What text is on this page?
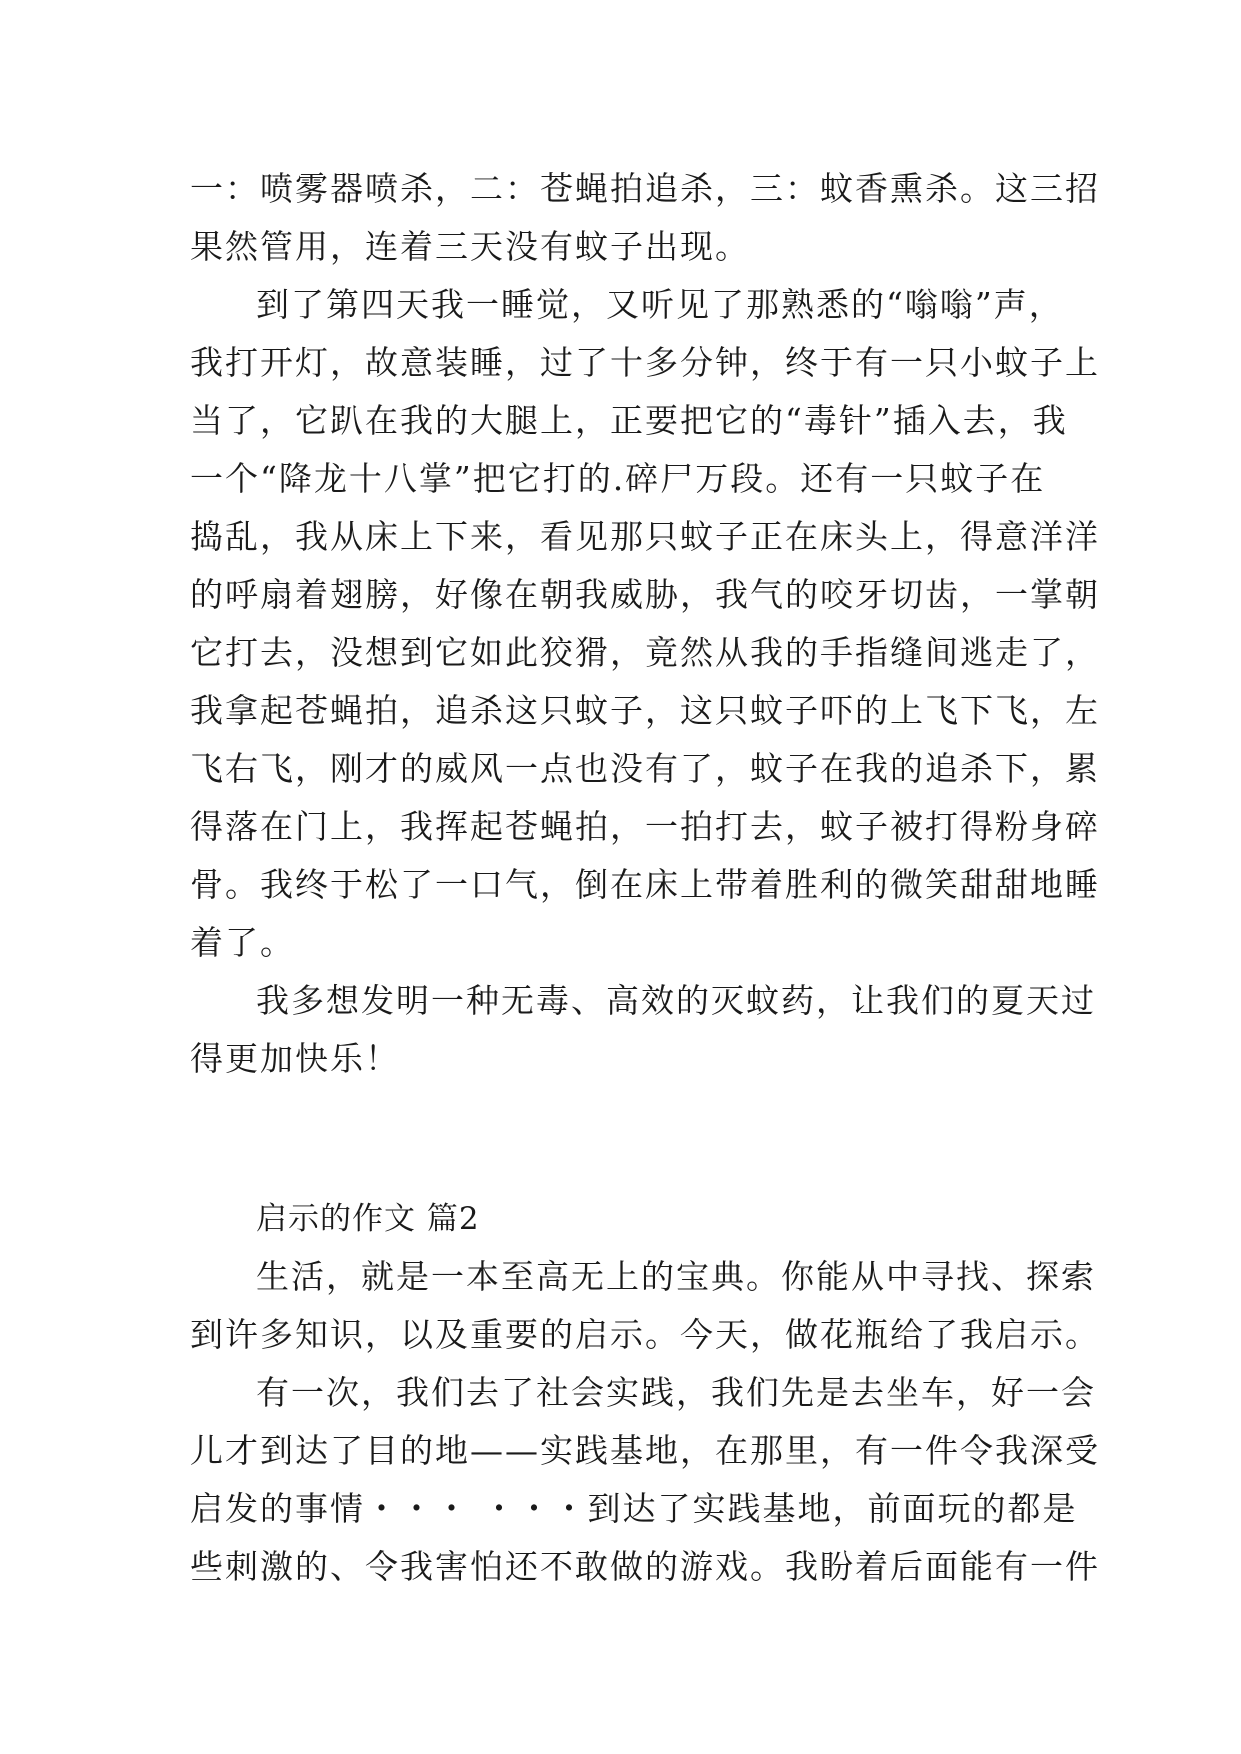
一：喷雾器喷杀，二：苍蝇拍追杀，三：蚊香熏杀。这三招
果然管用，连着三天没有蚊子出现。
到了第四天我一睡觉，又听见了那熟悉的“嗡嗡”声，
我打开灯，故意装睡，过了十多分钟，终于有一只小蚊子上
当了，它趴在我的大腿上，正要把它的“毒针”插入去，我
一个“降龙十八掌”把它打的.碎尸万段。还有一只蚊子在
捣乱，我从床上下来，看见那只蚊子正在床头上，得意洋洋
的呼扇着翅膀，好像在朝我威胁，我气的咬牙切齿，一掌朝
它打去，没想到它如此狡猾，竟然从我的手指缝间逃走了，
我拿起苍蝇拍，追杀这只蚊子，这只蚊子吓的上飞下飞，左
飞右飞，刚才的威风一点也没有了，蚊子在我的追杀下，累
得落在门上，我挥起苍蝇拍，一拍打去，蚊子被打得粉身碎
骨。我终于松了一口气，倒在床上带着胜利的微笑甜甜地睡
着了。
我多想发明一种无毒、高效的灭蚊药，让我们的夏天过
得更加快乐！
启示的作文 篇2
生活，就是一本至高无上的宝典。你能从中寻找、探索
到许多知识，以及重要的启示。今天，做花瓶给了我启示。
有一次，我们去了社会实践，我们先是去坐车，好一会
儿才到达了目的地——实践基地，在那里，有一件令我深受
启发的事情・・・ ・・・到达了实践基地，前面玩的都是
些刺激的、令我害怕还不敢做的游戏。我盼着后面能有一件
